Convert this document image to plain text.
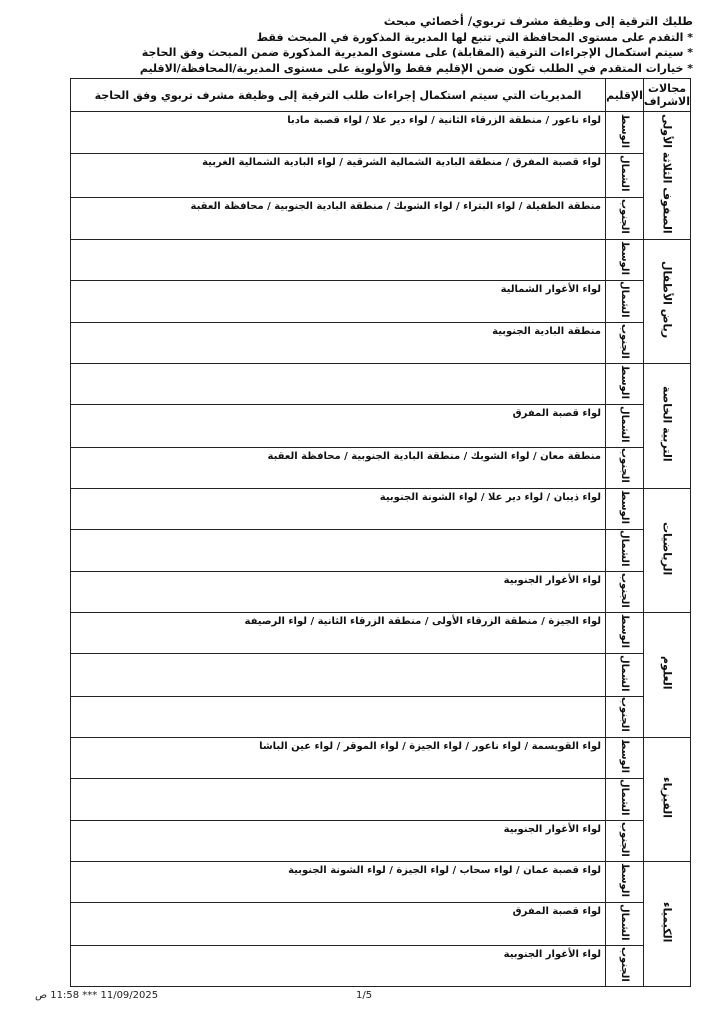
طلبك الترقية إلى وظيفة مشرف تربوي/ أخصائي مبحث
* التقدم على مستوى المحافظة التي تتبع لها المديرية المذكورة في المبحث فقط
* سيتم استكمال الإجراءات الترقية (المقابلة) على مستوى المديرية المذكورة ضمن المبحث وفق الحاجة
* خيارات المتقدم في الطلب تكون ضمن الإقليم فقط والأولوية على مستوى المديرية/المحافظة/الاقليم
مجالات الاشراف	الإقليم	المديريات التي سيتم استكمال إجراءات طلب الترقية إلى وظيفة مشرف تربوي وفق الحاجة
الصفوف الثلاثة الأولى	الوسط	لواء ناعور / منطقة الزرقاء الثانية / لواء دير علا / لواء قصبة مادبا
	الشمال	لواء قصبة المفرق / منطقة البادية الشمالية الشرقية / لواء البادية الشمالية الغربية
	الجنوب	منطقة الطفيلة / لواء البتراء / لواء الشوبك / منطقة البادية الجنوبية / محافظة العقبة
رياض الأطفال	الوسط	
	الشمال	لواء الأغوار الشمالية
	الجنوب	منطقة البادية الجنوبية
التربية الخاصة	الوسط	
	الشمال	لواء قصبة المفرق
	الجنوب	منطقة معان / لواء الشوبك / منطقة البادية الجنوبية / محافظة العقبة
الرياضيات	الوسط	لواء ذيبان / لواء دير علا / لواء الشونة الجنوبية
	الشمال	
	الجنوب	لواء الأغوار الجنوبية
العلوم	الوسط	لواء الجيزة / منطقة الزرقاء الأولى / منطقة الزرقاء الثانية / لواء الرصيفة
	الشمال	
	الجنوب	
الفيزياء	الوسط	لواء القويسمة / لواء ناعور / لواء الجيزة / لواء الموقر / لواء عين الباشا
	الشمال	
	الجنوب	لواء الأغوار الجنوبية
الكيمياء	الوسط	لواء قصبة عمان / لواء سحاب / لواء الجيزة / لواء الشونة الجنوبية
	الشمال	لواء قصبة المفرق
	الجنوب	لواء الأغوار الجنوبية
1/5
11/09/2025 *** 11:58 ص
